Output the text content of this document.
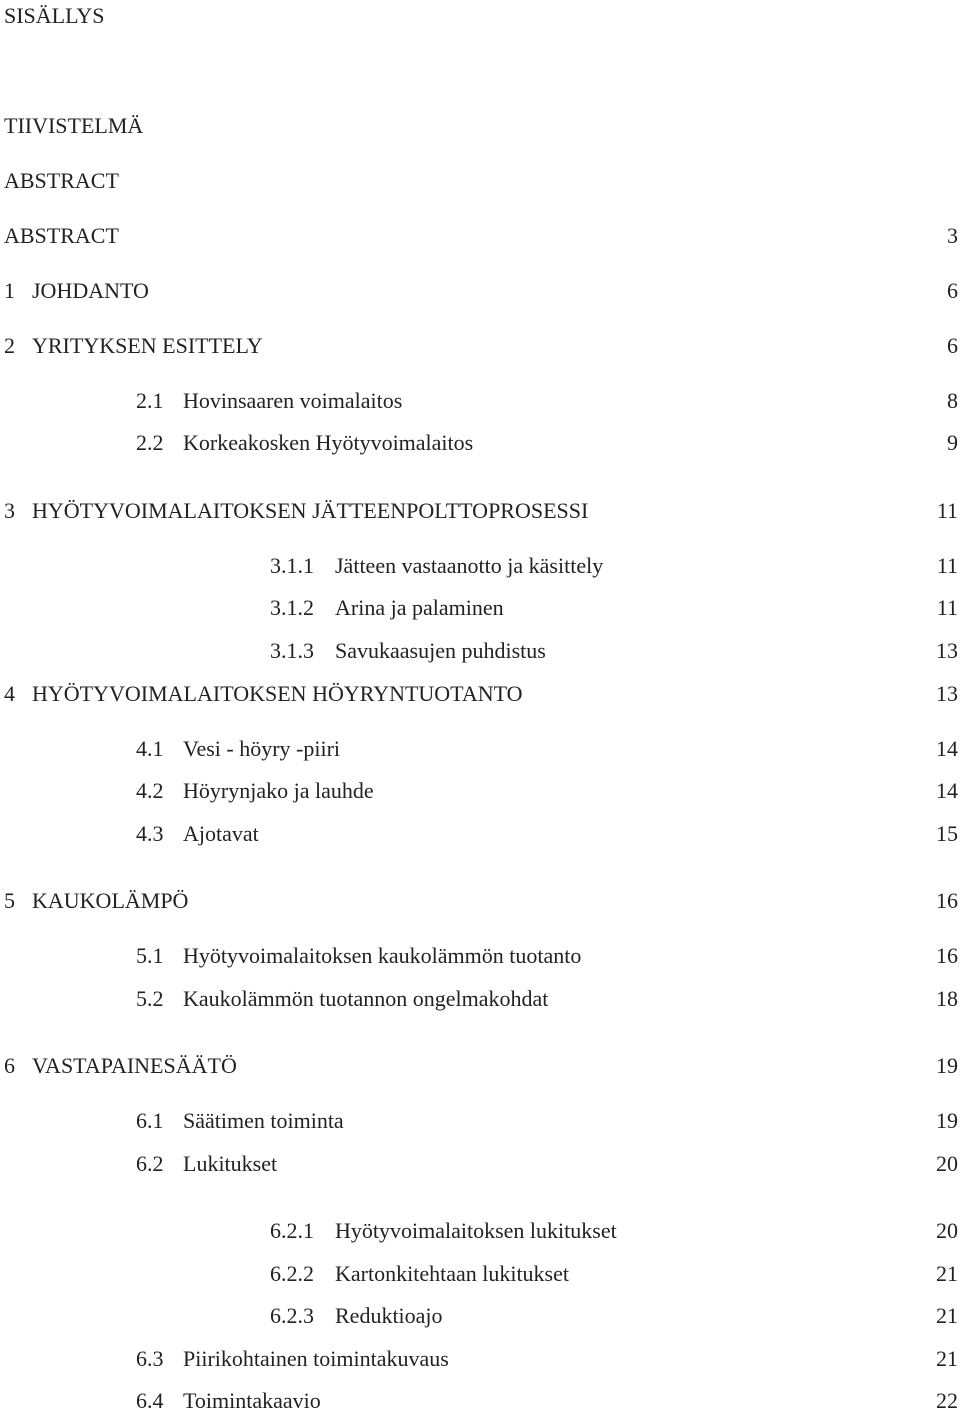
SISÄLLYS
TIIVISTELMÄ
ABSTRACT
ABSTRACT	3
1 JOHDANTO	6
2 YRITYKSEN ESITTELY	6
2.1 Hovinsaaren voimalaitos	8
2.2 Korkeakosken Hyötyvoimalaitos	9
3 HYÖTYVOIMALAITOKSEN JÄTTEENPOLTTOPROSESSI	11
3.1.1 Jätteen vastaanotto ja käsittely	11
3.1.2 Arina ja palaminen	11
3.1.3 Savukaasujen puhdistus	13
4 HYÖTYVOIMALAITOKSEN HÖYRYNTUOTANTO	13
4.1 Vesi - höyry -piiri	14
4.2 Höyrynjako ja lauhde	14
4.3 Ajotavat	15
5 KAUKOLÄMPÖ	16
5.1 Hyötyvoimalaitoksen kaukolämmön tuotanto	16
5.2 Kaukolämmön tuotannon ongelmakohdat	18
6 VASTAPAINESÄÄTÖ	19
6.1 Säätimen toiminta	19
6.2 Lukitukset	20
6.2.1 Hyötyvoimalaitoksen lukitukset	20
6.2.2 Kartonkitehtaan lukitukset	21
6.2.3 Reduktioajo	21
6.3 Piirikohtainen toimintakuvaus	21
6.4 Toimintakaavio	22
